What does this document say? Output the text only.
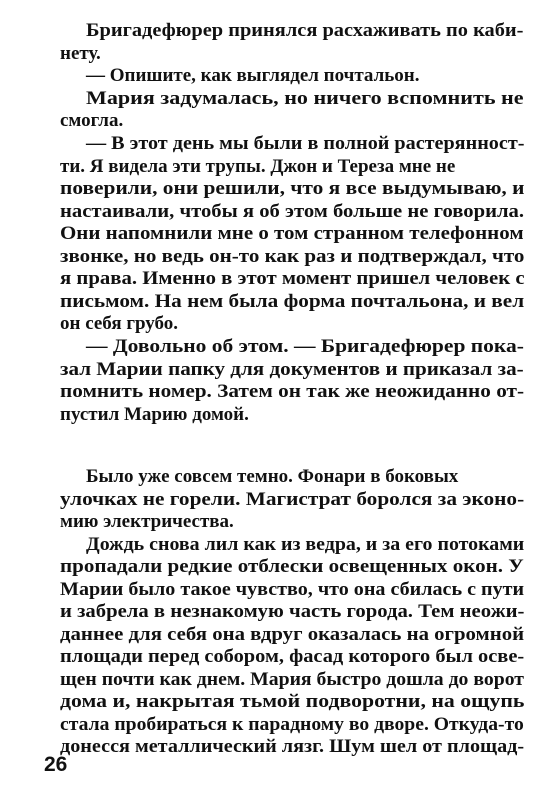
Бригадефюрер принялся расхаживать по каби-
нету.
— Опишите, как выглядел почтальон.
Мария задумалась, но ничего вспомнить не
смогла.
— В этот день мы были в полной растерянност-
ти. Я видела эти трупы. Джон и Тереза мне не
поверили, они решили, что я все выдумываю, и
настаивали, чтобы я об этом больше не говорила.
Они напомнили мне о том странном телефонном
звонке, но ведь он-то как раз и подтверждал, что
я права. Именно в этот момент пришел человек с
письмом. На нем была форма почтальона, и вел
он себя грубо.
— Довольно об этом. — Бригадефюрер пока-
зал Марии папку для документов и приказал за-
помнить номер. Затем он так же неожиданно от-
пустил Марию домой.
Было уже совсем темно. Фонари в боковых
улочках не горели. Магистрат боролся за эконо-
мию электричества.
Дождь снова лил как из ведра, и за его потоками
пропадали редкие отблески освещенных окон. У
Марии было такое чувство, что она сбилась с пути
и забрела в незнакомую часть города. Тем неожи-
даннее для себя она вдруг оказалась на огромной
площади перед собором, фасад которого был осве-
щен почти как днем. Мария быстро дошла до ворот
дома и, накрытая тьмой подворотни, на ощупь
стала пробираться к парадному во дворе. Откуда-то
донесся металлический лязг. Шум шел от площад-
26
